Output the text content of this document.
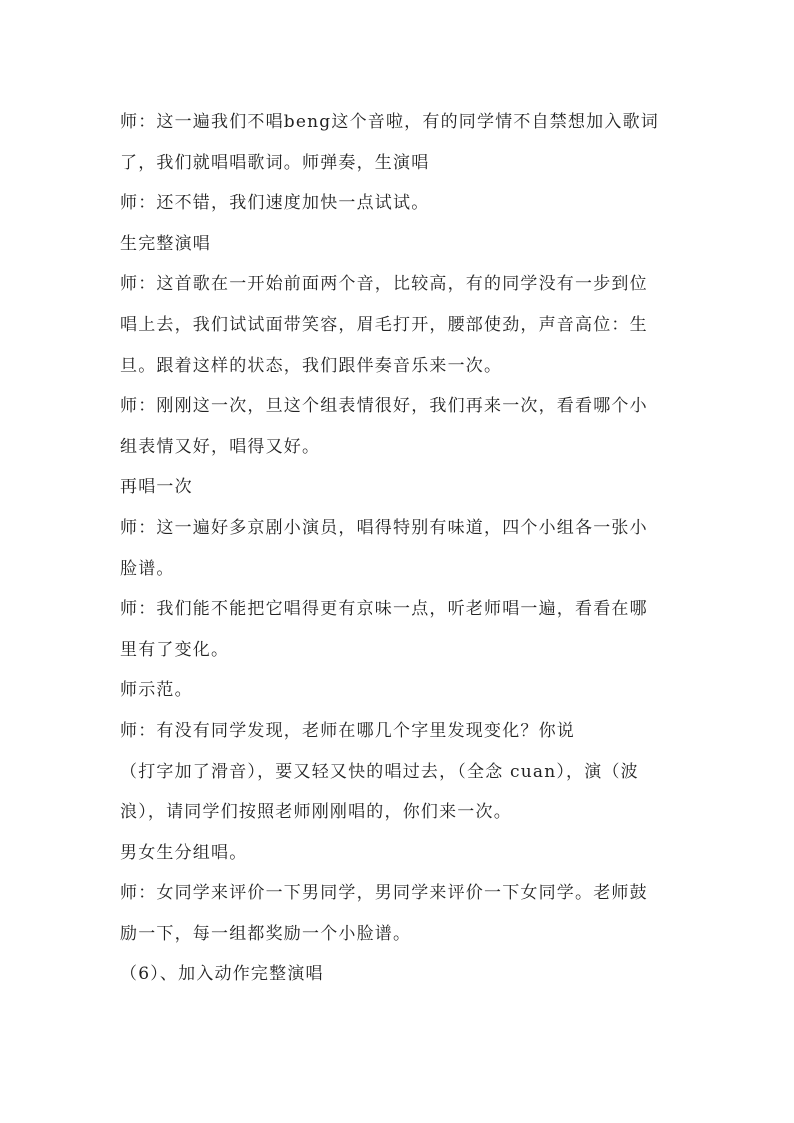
师：这一遍我们不唱beng这个音啦，有的同学情不自禁想加入歌词
了，我们就唱唱歌词。师弹奏，生演唱
师：还不错，我们速度加快一点试试。
生完整演唱
师：这首歌在一开始前面两个音，比较高，有的同学没有一步到位
唱上去，我们试试面带笑容，眉毛打开，腰部使劲，声音高位：生
旦。跟着这样的状态，我们跟伴奏音乐来一次。
师：刚刚这一次，旦这个组表情很好，我们再来一次，看看哪个小
组表情又好，唱得又好。
再唱一次
师：这一遍好多京剧小演员，唱得特别有味道，四个小组各一张小
脸谱。
师：我们能不能把它唱得更有京味一点，听老师唱一遍，看看在哪
里有了变化。
师示范。
师：有没有同学发现，老师在哪几个字里发现变化？你说
（打字加了滑音），要又轻又快的唱过去，（全念 cuan），演（波
浪），请同学们按照老师刚刚唱的，你们来一次。
男女生分组唱。
师：女同学来评价一下男同学，男同学来评价一下女同学。老师鼓
励一下，每一组都奖励一个小脸谱。
（6）、加入动作完整演唱
